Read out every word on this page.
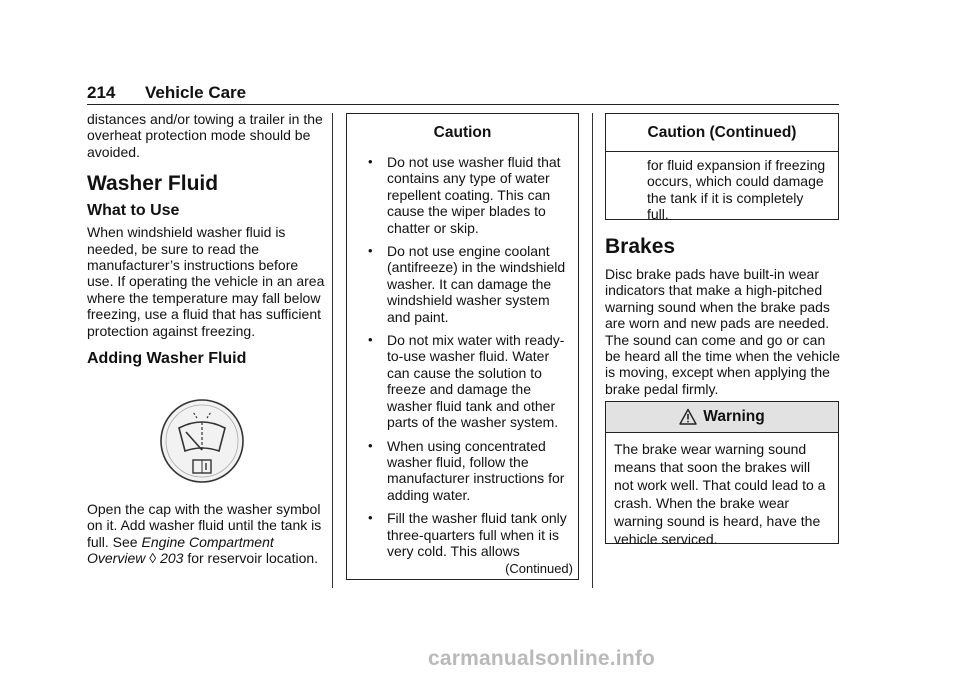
214 Vehicle Care

distances and/or towing a trailer in the overheat protection mode should be avoided.

Washer Fluid
What to Use

When windshield washer fluid is needed, be sure to read the manufacturer’s instructions before use. If operating the vehicle in an area where the temperature may fall below freezing, use a fluid that has sufficient protection against freezing.

Adding Washer Fluid

Open the cap with the washer symbol on it. Add washer fluid until the tank is full. See Engine Compartment Overview ◊ 203 for reservoir location.

Caution
• Do not use washer fluid that contains any type of water repellent coating. This can cause the wiper blades to chatter or skip.
• Do not use engine coolant (antifreeze) in the windshield washer. It can damage the windshield washer system and paint.
• Do not mix water with ready-to-use washer fluid. Water can cause the solution to freeze and damage the washer fluid tank and other parts of the washer system.
• When using concentrated washer fluid, follow the manufacturer instructions for adding water.
• Fill the washer fluid tank only three-quarters full when it is very cold. This allows
(Continued)
Caution (Continued)

for fluid expansion if freezing occurs, which could damage the tank if it is completely full.

Brakes

Disc brake pads have built-in wear indicators that make a high-pitched warning sound when the brake pads are worn and new pads are needed. The sound can come and go or can be heard all the time when the vehicle is moving, except when applying the brake pedal firmly.

Warning

The brake wear warning sound means that soon the brakes will not work well. That could lead to a crash. When the brake wear warning sound is heard, have the vehicle serviced.

carmanualsonline.info
